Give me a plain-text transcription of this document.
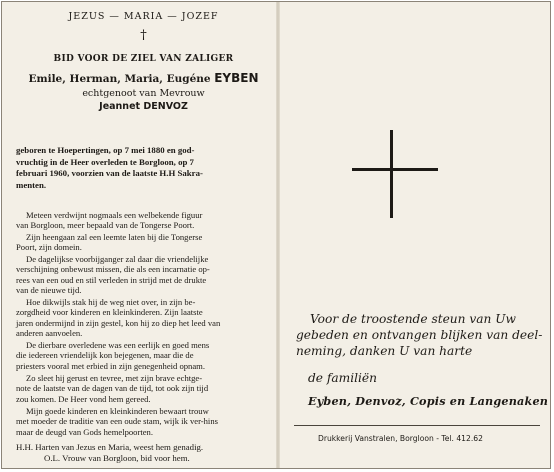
JEZUS — MARIA — JOZEF
†
BID VOOR DE ZIEL VAN ZALIGER
Emile, Herman, Maria, Eugéne EYBEN
echtgenoot van Mevrouw
Jeannet DENVOZ
geboren te Hoepertingen, op 7 mei 1880 en god-
vruchtig in de Heer overleden te Borgloon, op 7
februari 1960, voorzien van de laatste H.H Sakra-
menten.
Meteen verdwijnt nogmaals een welbekende figuur
van Borgloon, meer bepaald van de Tongerse Poort.
Zijn heengaan zal een leemte laten bij die Tongerse
Poort, zijn domein.
De dagelijkse voorbijganger zal daar die vriendelijke
verschijning onbewust missen, die als een incarnatie op-
rees van een oud en stil verleden in strijd met de drukte
van de nieuwe tijd.
Hoe dikwijls stak hij de weg niet over, in zijn be-
zorgdheid voor kinderen en kleinkinderen. Zijn laatste
jaren ondermijnd in zijn gestel, kon hij zo diep het leed van
anderen aanvoelen.
De dierbare overledene was een eerlijk en goed mens
die iedereen vriendelijk kon bejegenen, maar die de
priesters vooral met erbied in zijn genegenheid opnam.
Zo sleet hij gerust en tevree, met zijn brave echtge-
note de laatste van de dagen van de tijd, tot ook zijn tijd
zou komen. De Heer vond hem gereed.
Mijn goede kinderen en kleinkinderen bewaart trouw
met moeder de traditie van een oude stam, wijk ik ver-hins
maar de deugd van Gods hemelpoorten.
H.H. Harten van Jezus en Maria, weest hem genadig.
O.L. Vrouw van Borgloon, bid voor hem.
Voor de troostende steun van Uw
gebeden en ontvangen blijken van deel-
neming, danken U van harte
de familiën
Eyben, Denvoz, Copis en Langenaken
Drukkerij Vanstralen, Borgloon - Tel. 412.62
